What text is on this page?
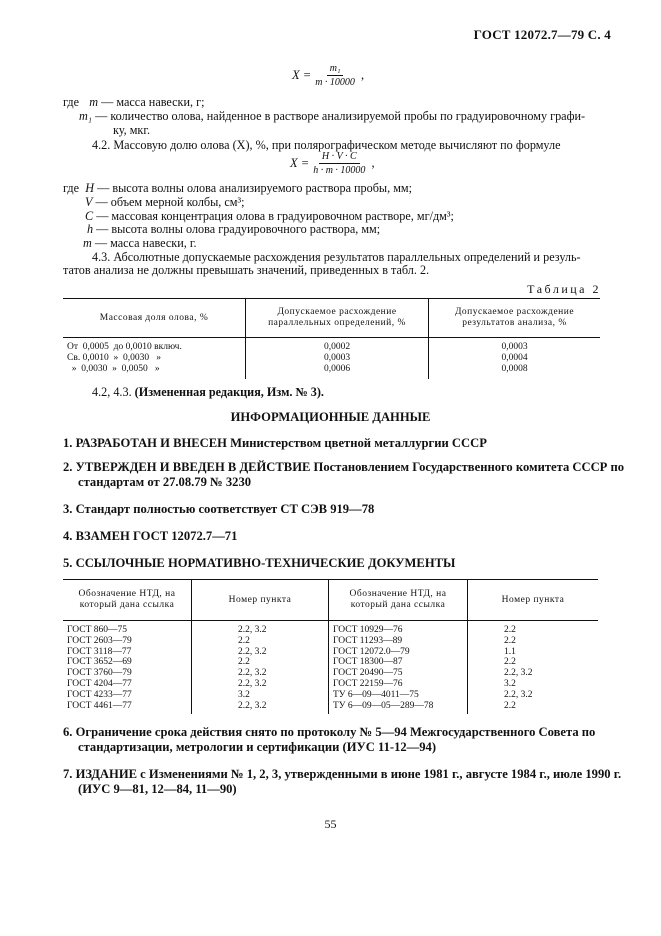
ГОСТ 12072.7—79 С. 4
$X = \frac{\text{m₁}}{m \cdot 10000}$ ,
где m — масса навески, г;
m₁ — количество олова, найденное в растворе анализируемой пробы по градуировочному графи-
ку, мкг.
4.2. Массовую долю олова (X), %, при полярографическом методе вычисляют по формуле
$X = \frac{H \cdot V \cdot C}{h \cdot m \cdot 10000}$ ,
где H — высота волны олова анализируемого раствора пробы, мм;
V — объем мерной колбы, см³;
C — массовая концентрация олова в градуировочном растворе, мг/дм³;
h — высота волны олова градуировочного раствора, мм;
m — масса навески, г.
4.3. Абсолютные допускаемые расхождения результатов параллельных определений и резуль-
татов анализа не должны превышать значений, приведенных в табл. 2.
Таблица 2
Массовая доля олова, %	Допускаемое расхождение параллельных определений, %	Допускаемое расхождение результатов анализа, %
От  0,0005  до 0,0010 включ.	0,0002	0,0003
Св. 0,0010  »  0,0030   »	0,0003	0,0004
»  0,0030  »  0,0050   »	0,0006	0,0008
4.2, 4.3. (Измененная редакция, Изм. № 3).
ИНФОРМАЦИОННЫЕ ДАННЫЕ
1. РАЗРАБОТАН И ВНЕСЕН Министерством цветной металлургии СССР
2. УТВЕРЖДЕН И ВВЕДЕН В ДЕЙСТВИЕ Постановлением Государственного комитета СССР по
стандартам от 27.08.79 № 3230
3. Стандарт полностью соответствует СТ СЭВ 919—78
4. ВЗАМЕН ГОСТ 12072.7—71
5. ССЫЛОЧНЫЕ НОРМАТИВНО-ТЕХНИЧЕСКИЕ ДОКУМЕНТЫ
Обозначение НТД, на который дана ссылка	Номер пункта	Обозначение НТД, на который дана ссылка	Номер пункта
ГОСТ 860—75	2.2, 3.2	ГОСТ 10929—76	2.2
ГОСТ 2603—79	2.2	ГОСТ 11293—89	2.2
ГОСТ 3118—77	2.2, 3.2	ГОСТ 12072.0—79	1.1
ГОСТ 3652—69	2.2	ГОСТ 18300—87	2.2
ГОСТ 3760—79	2.2, 3.2	ГОСТ 20490—75	2.2, 3.2
ГОСТ 4204—77	2.2, 3.2	ГОСТ 22159—76	3.2
ГОСТ 4233—77	3.2	ТУ 6—09—4011—75	2.2, 3.2
ГОСТ 4461—77	2.2, 3.2	ТУ 6—09—05—289—78	2.2
6. Ограничение срока действия снято по протоколу № 5—94 Межгосударственного Совета по
стандартизации, метрологии и сертификации (ИУС 11-12—94)
7. ИЗДАНИЕ с Изменениями № 1, 2, 3, утвержденными в июне 1981 г., августе 1984 г., июле 1990 г.
(ИУС 9—81, 12—84, 11—90)
55
